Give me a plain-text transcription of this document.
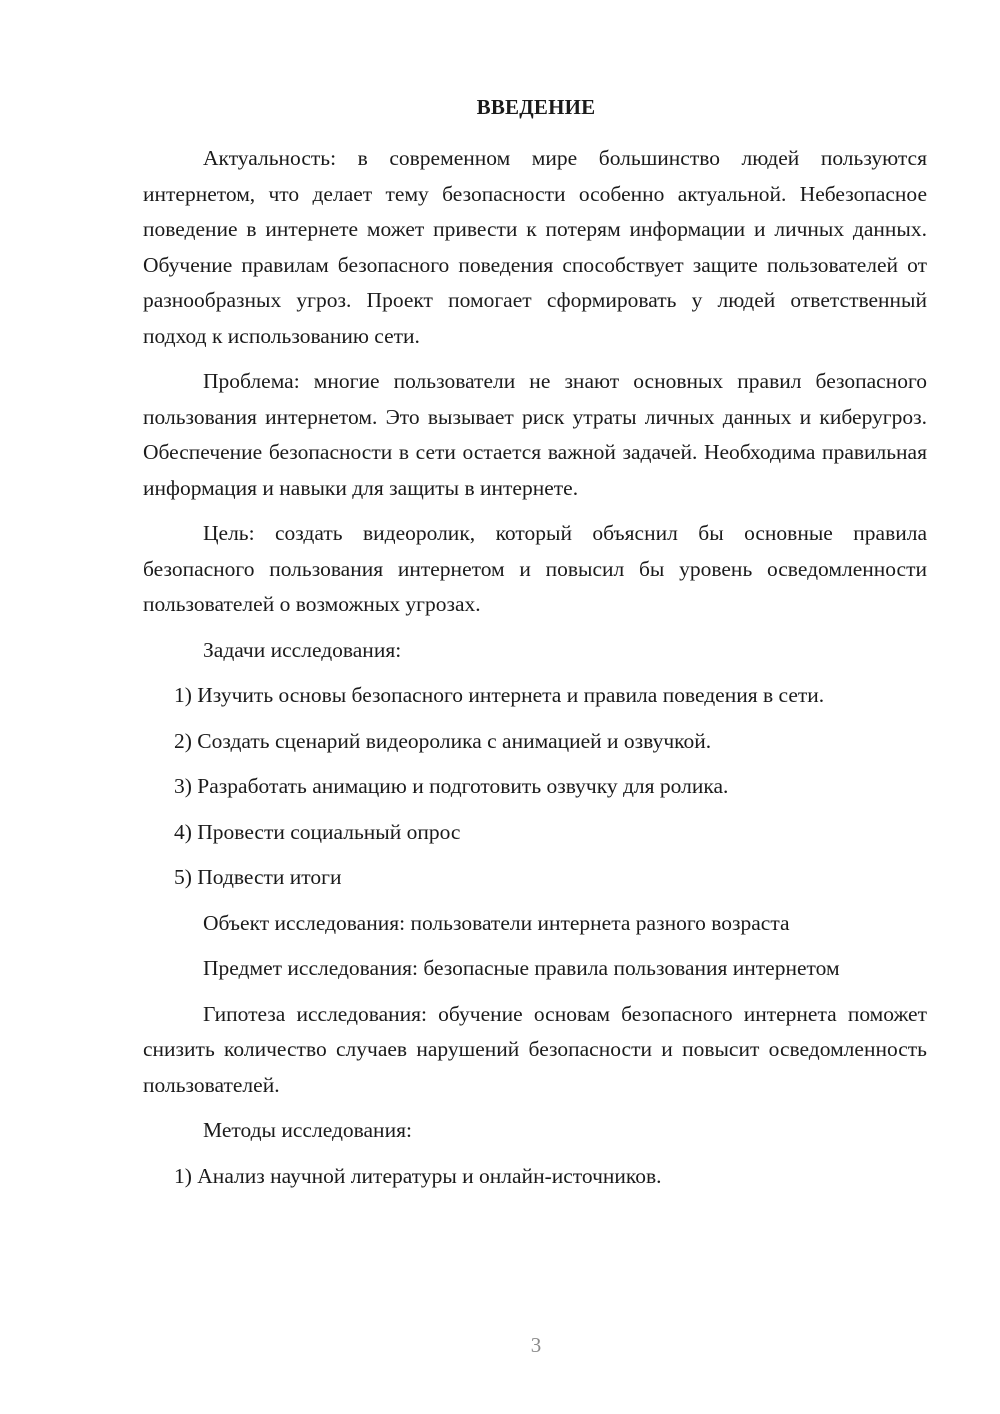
ВВЕДЕНИЕ

Актуальность: в современном мире большинство людей пользуются интернетом, что делает тему безопасности особенно актуальной. Небезопасное поведение в интернете может привести к потерям информации и личных данных. Обучение правилам безопасного поведения способствует защите пользователей от разнообразных угроз. Проект помогает сформировать у людей ответственный подход к использованию сети.

Проблема: многие пользователи не знают основных правил безопасного пользования интернетом. Это вызывает риск утраты личных данных и киберугроз. Обеспечение безопасности в сети остается важной задачей. Необходима правильная информация и навыки для защиты в интернете.

Цель: создать видеоролик, который объяснил бы основные правила безопасного пользования интернетом и повысил бы уровень осведомленности пользователей о возможных угрозах.

Задачи исследования:

1) Изучить основы безопасного интернета и правила поведения в сети.

2) Создать сценарий видеоролика с анимацией и озвучкой.

3) Разработать анимацию и подготовить озвучку для ролика.

4) Провести социальный опрос

5) Подвести итоги

Объект исследования: пользователи интернета разного возраста

Предмет исследования: безопасные правила пользования интернетом

Гипотеза исследования: обучение основам безопасного интернета поможет снизить количество случаев нарушений безопасности и повысит осведомленность пользователей.

Методы исследования:

1) Анализ научной литературы и онлайн-источников.

3
